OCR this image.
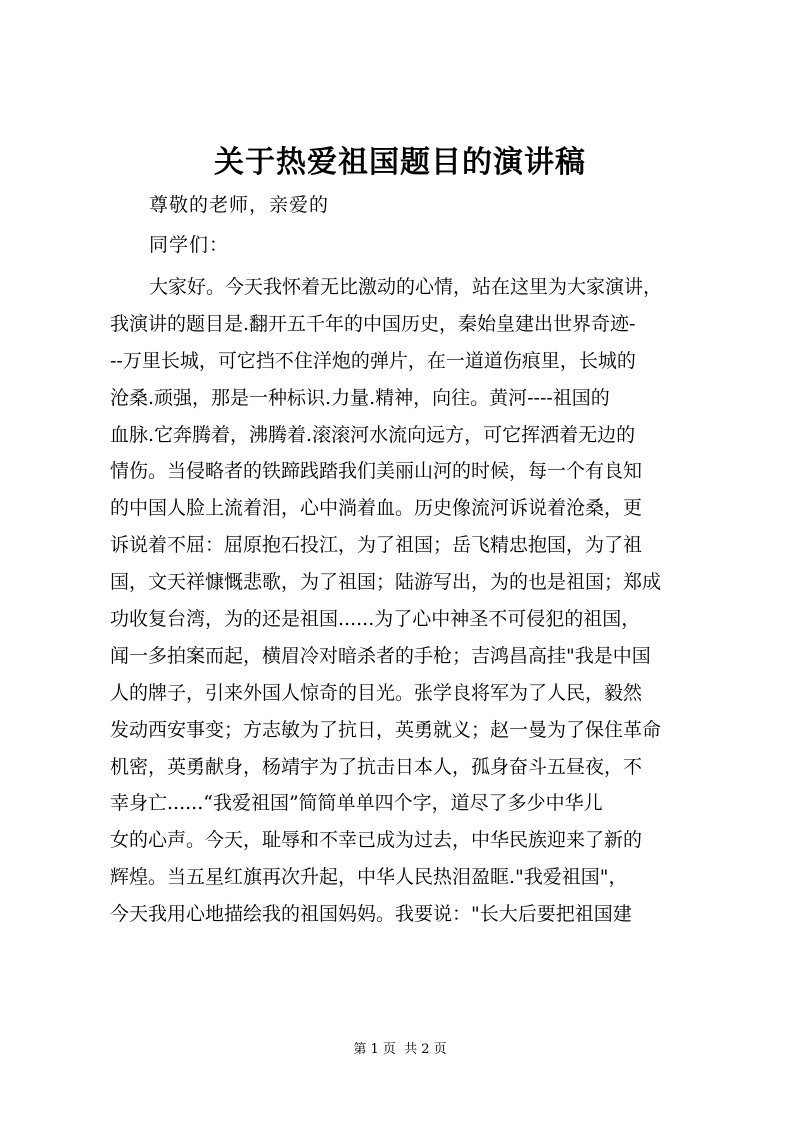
关于热爱祖国题目的演讲稿
尊敬的老师，亲爱的
同学们：
大家好。今天我怀着无比激动的心情，站在这里为大家演讲，
我演讲的题目是.翻开五千年的中国历史，秦始皇建出世界奇迹-
--万里长城，可它挡不住洋炮的弹片，在一道道伤痕里，长城的
沧桑.顽强，那是一种标识.力量.精神，向往。黄河----祖国的
血脉.它奔腾着，沸腾着.滚滚河水流向远方，可它挥洒着无边的
情伤。当侵略者的铁蹄践踏我们美丽山河的时候，每一个有良知
的中国人脸上流着泪，心中淌着血。历史像流河诉说着沧桑，更
诉说着不屈：屈原抱石投江，为了祖国；岳飞精忠抱国，为了祖
国，文天祥慷慨悲歌，为了祖国；陆游写出，为的也是祖国；郑成
功收复台湾，为的还是祖国......为了心中神圣不可侵犯的祖国，
闻一多拍案而起，横眉冷对暗杀者的手枪；吉鸿昌高挂"我是中国
人的牌子，引来外国人惊奇的目光。张学良将军为了人民，毅然
发动西安事变；方志敏为了抗日，英勇就义；赵一曼为了保住革命
机密，英勇献身，杨靖宇为了抗击日本人，孤身奋斗五昼夜，不
幸身亡......“我爱祖国”简简单单四个字，道尽了多少中华儿
女的心声。今天，耻辱和不幸已成为过去，中华民族迎来了新的
辉煌。当五星红旗再次升起，中华人民热泪盈眶."我爱祖国"，
今天我用心地描绘我的祖国妈妈。我要说："长大后要把祖国建
第 1 页  共 2 页
